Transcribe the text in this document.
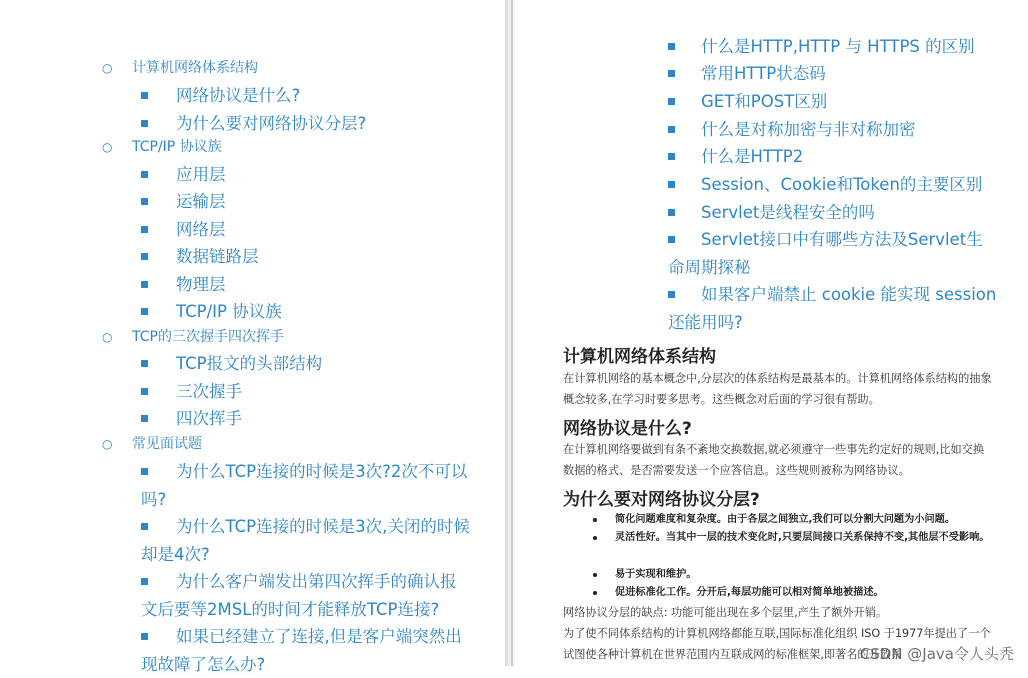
○ 计算机网络体系结构
网络协议是什么?
为什么要对网络协议分层?
○ TCP/IP 协议族
应用层
运输层
网络层
数据链路层
物理层
TCP/IP 协议族
○ TCP的三次握手四次挥手
TCP报文的头部结构
三次握手
四次挥手
○ 常见面试题
为什么TCP连接的时候是3次?2次不可以吗?
为什么TCP连接的时候是3次,关闭的时候却是4次?
为什么客户端发出第四次挥手的确认报文后要等2MSL的时间才能释放TCP连接?
如果已经建立了连接,但是客户端突然出现故障了怎么办?
什么是HTTP,HTTP 与 HTTPS 的区别
常用HTTP状态码
GET和POST区别
什么是对称加密与非对称加密
什么是HTTP2
Session、Cookie和Token的主要区别
Servlet是线程安全的吗
Servlet接口中有哪些方法及Servlet生命周期探秘
如果客户端禁止 cookie 能实现 session 还能用吗?
计算机网络体系结构
在计算机网络的基本概念中,分层次的体系结构是最基本的。计算机网络体系结构的抽象概念较多,在学习时要多思考。这些概念对后面的学习很有帮助。
网络协议是什么?
在计算机网络要做到有条不紊地交换数据,就必须遵守一些事先约定好的规则,比如交换数据的格式、是否需要发送一个应答信息。这些规则被称为网络协议。
为什么要对网络协议分层?
简化问题难度和复杂度。由于各层之间独立,我们可以分割大问题为小问题。
灵活性好。当其中一层的技术变化时,只要层间接口关系保持不变,其他层不受影响。
易于实现和维护。
促进标准化工作。分开后,每层功能可以相对简单地被描述。
网络协议分层的缺点: 功能可能出现在多个层里,产生了额外开销。
为了使不同体系结构的计算机网络都能互联,国际标准化组织 ISO 于1977年提出了一个试图使各种计算机在世界范围内互联成网的标准框架,即著名的开放系
CSDN @Java令人头秃
